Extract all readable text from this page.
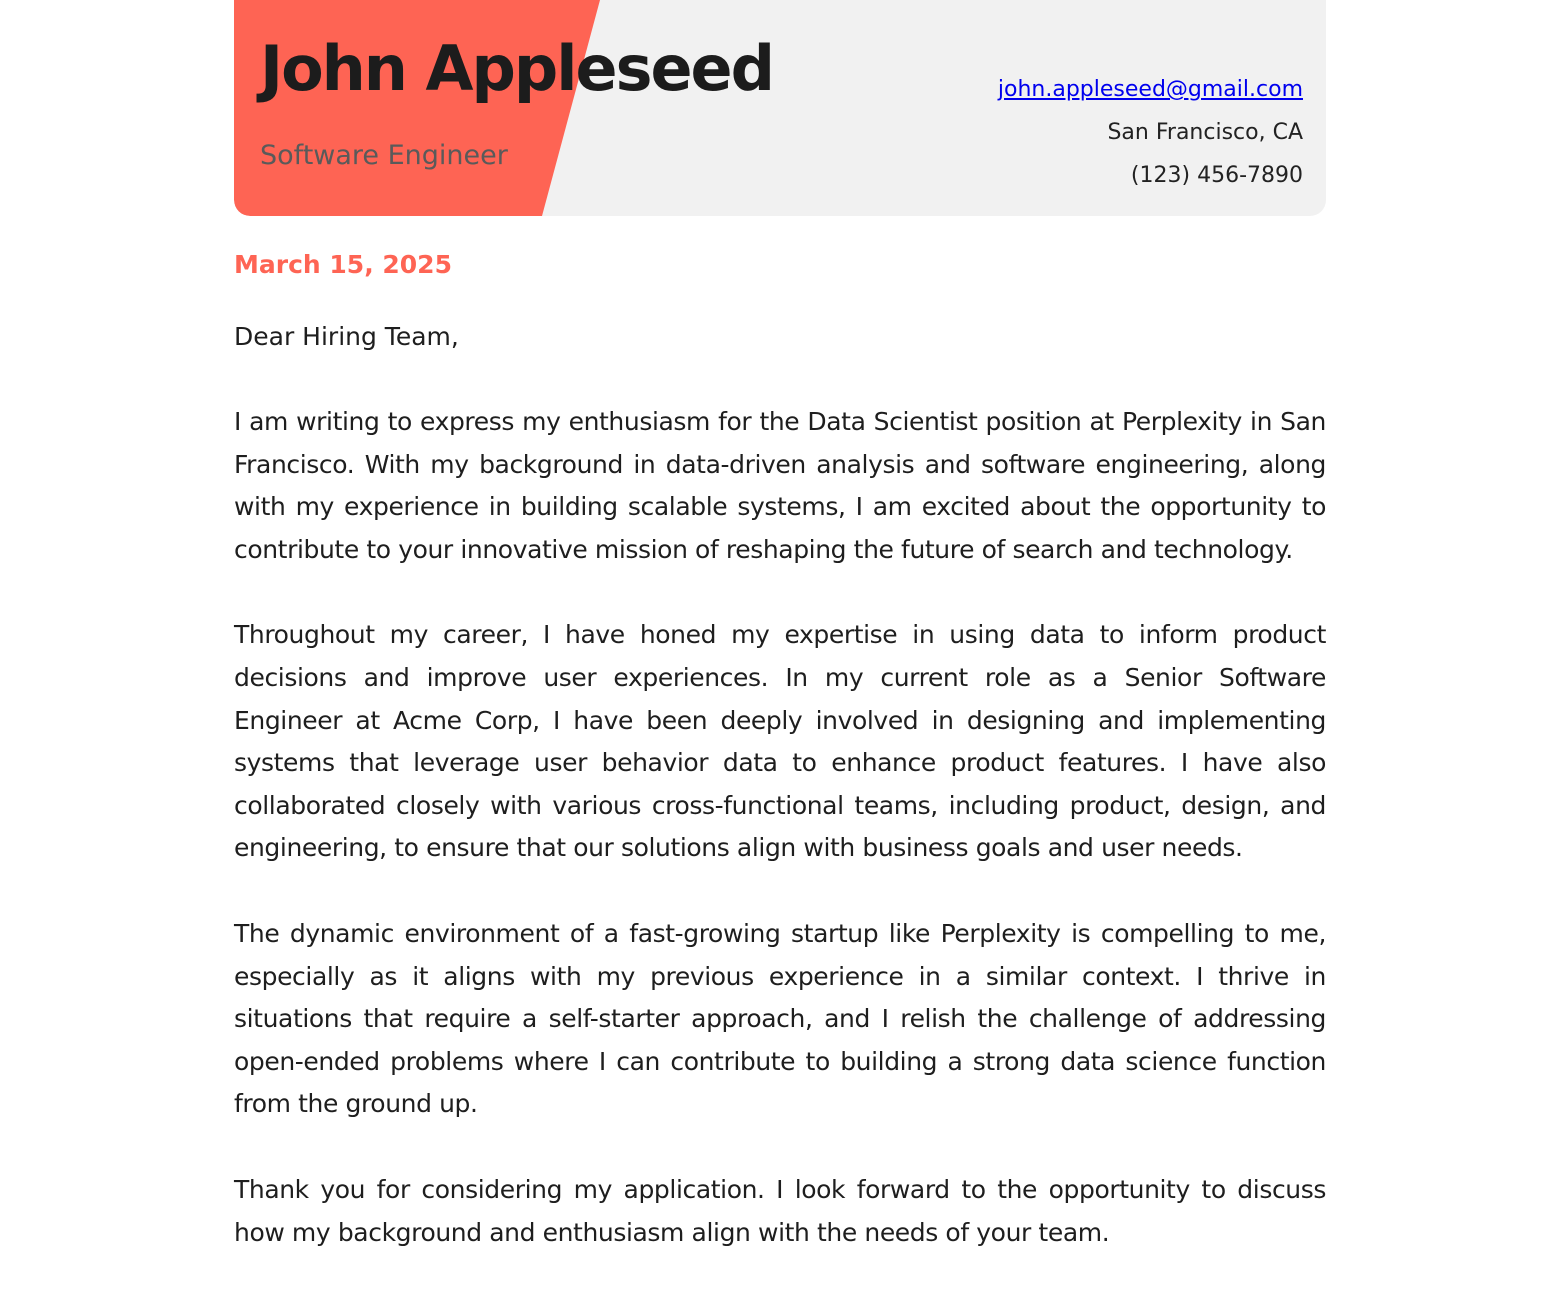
John Appleseed
Software Engineer
john.appleseed@gmail.com
San Francisco, CA
(123) 456-7890
March 15, 2025
Dear Hiring Team,

I am writing to express my enthusiasm for the Data Scientist position at Perplexity in San Francisco. With my background in data-driven analysis and software engineering, along with my experience in building scalable systems, I am excited about the opportunity to contribute to your innovative mission of reshaping the future of search and technology.

Throughout my career, I have honed my expertise in using data to inform product decisions and improve user experiences. In my current role as a Senior Software Engineer at Acme Corp, I have been deeply involved in designing and implementing systems that leverage user behavior data to enhance product features. I have also collaborated closely with various cross-functional teams, including product, design, and engineering, to ensure that our solutions align with business goals and user needs.

The dynamic environment of a fast-growing startup like Perplexity is compelling to me, especially as it aligns with my previous experience in a similar context. I thrive in situations that require a self-starter approach, and I relish the challenge of addressing open-ended problems where I can contribute to building a strong data science function from the ground up.

Thank you for considering my application. I look forward to the opportunity to discuss how my background and enthusiasm align with the needs of your team.
